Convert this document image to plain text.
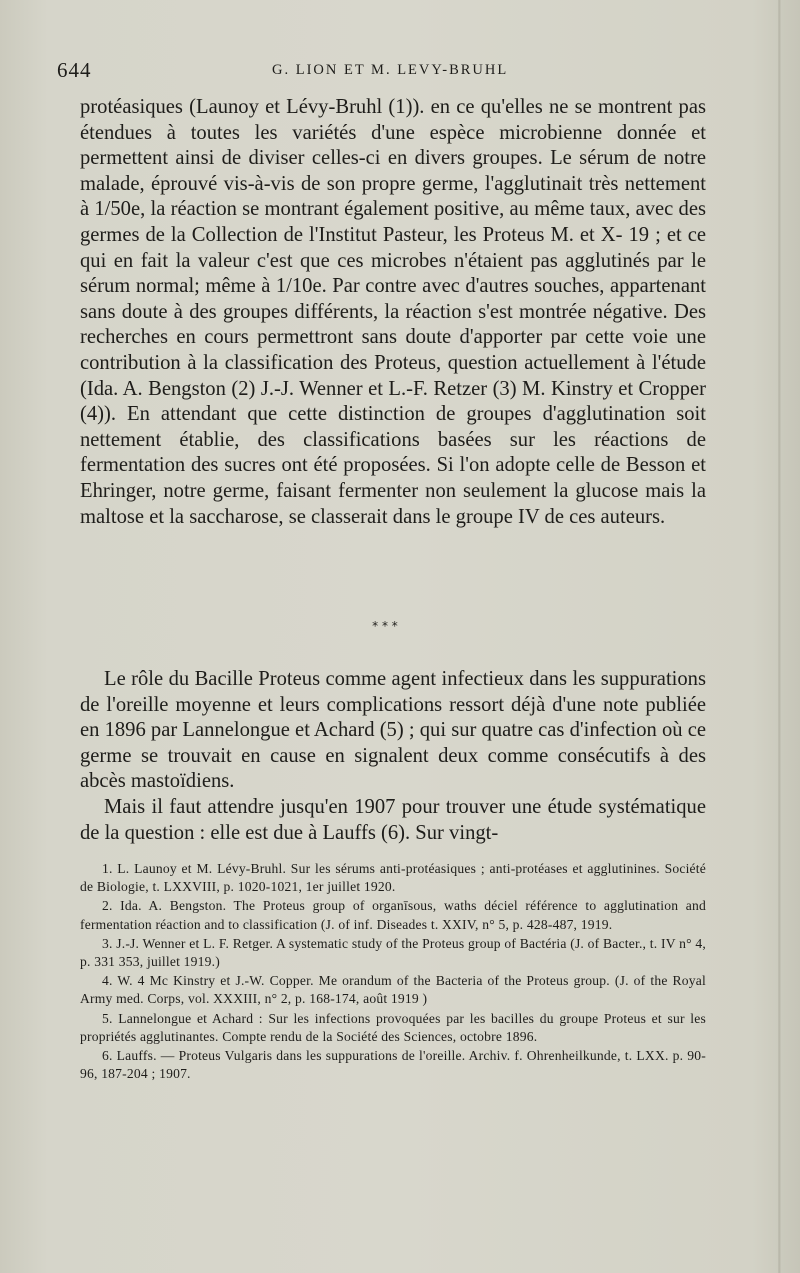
644	G. LION ET M. LEVY-BRUHL

protéasiques (Launoy et Lévy-Bruhl (1)). en ce qu'elles ne se montrent pas étendues à toutes les variétés d'une espèce microbienne donnée et permettent ainsi de diviser celles-ci en divers groupes. Le sérum de notre malade, éprouvé vis-à-vis de son propre germe, l'agglutinait très nettement à 1/50e, la réaction se montrant également positive, au même taux, avec des germes de la Collection de l'Institut Pasteur, les Proteus M. et X- 19 ; et ce qui en fait la valeur c'est que ces microbes n'étaient pas agglutinés par le sérum normal; même à 1/10e. Par contre avec d'autres souches, appartenant sans doute à des groupes différents, la réaction s'est montrée négative. Des recherches en cours permettront sans doute d'apporter par cette voie une contribution à la classification des Proteus, question actuellement à l'étude (Ida. A. Bengston (2) J.-J. Wenner et L.-F. Retzer (3) M. Kinstry et Cropper (4)). En attendant que cette distinction de groupes d'agglutination soit nettement établie, des classifications basées sur les réactions de fermentation des sucres ont été proposées. Si l'on adopte celle de Besson et Ehringer, notre germe, faisant fermenter non seulement la glucose mais la maltose et la saccharose, se classerait dans le groupe IV de ces auteurs.

* * *

Le rôle du Bacille Proteus comme agent infectieux dans les suppurations de l'oreille moyenne et leurs complications ressort déjà d'une note publiée en 1896 par Lannelongue et Achard (5) ; qui sur quatre cas d'infection où ce germe se trouvait en cause en signalent deux comme consécutifs à des abcès mastoïdiens.

Mais il faut attendre jusqu'en 1907 pour trouver une étude systématique de la question : elle est due à Lauffs (6). Sur vingt-

1. L. Launoy et M. Lévy-Bruhl. Sur les sérums anti-protéasiques ; anti-protéases et agglutinines. Société de Biologie, t. LXXVIII, p. 1020-1021, 1er juillet 1920.

2. Ida. A. Bengston. The Proteus group of organīsous, waths déciel référence to agglutination and fermentation réaction and to classification (J. of inf. Diseades t. XXIV, n° 5, p. 428-487, 1919.

3. J.-J. Wenner et L. F. Retger. A systematic study of the Proteus group of Bactéria (J. of Bacter., t. IV n° 4, p. 331 353, juillet 1919.)

4. W. 4 Mc Kinstry et J.-W. Copper. Me orandum of the Bacteria of the Proteus group. (J. of the Royal Army med. Corps, vol. XXXIII, n° 2, p. 168-174, août 1919 )

5. Lannelongue et Achard : Sur les infections provoquées par les bacilles du groupe Proteus et sur les propriétés agglutinantes. Compte rendu de la Société des Sciences, octobre 1896.

6. Lauffs. — Proteus Vulgaris dans les suppurations de l'oreille. Archiv. f. Ohrenheilkunde, t. LXX. p. 90-96, 187-204 ; 1907.
